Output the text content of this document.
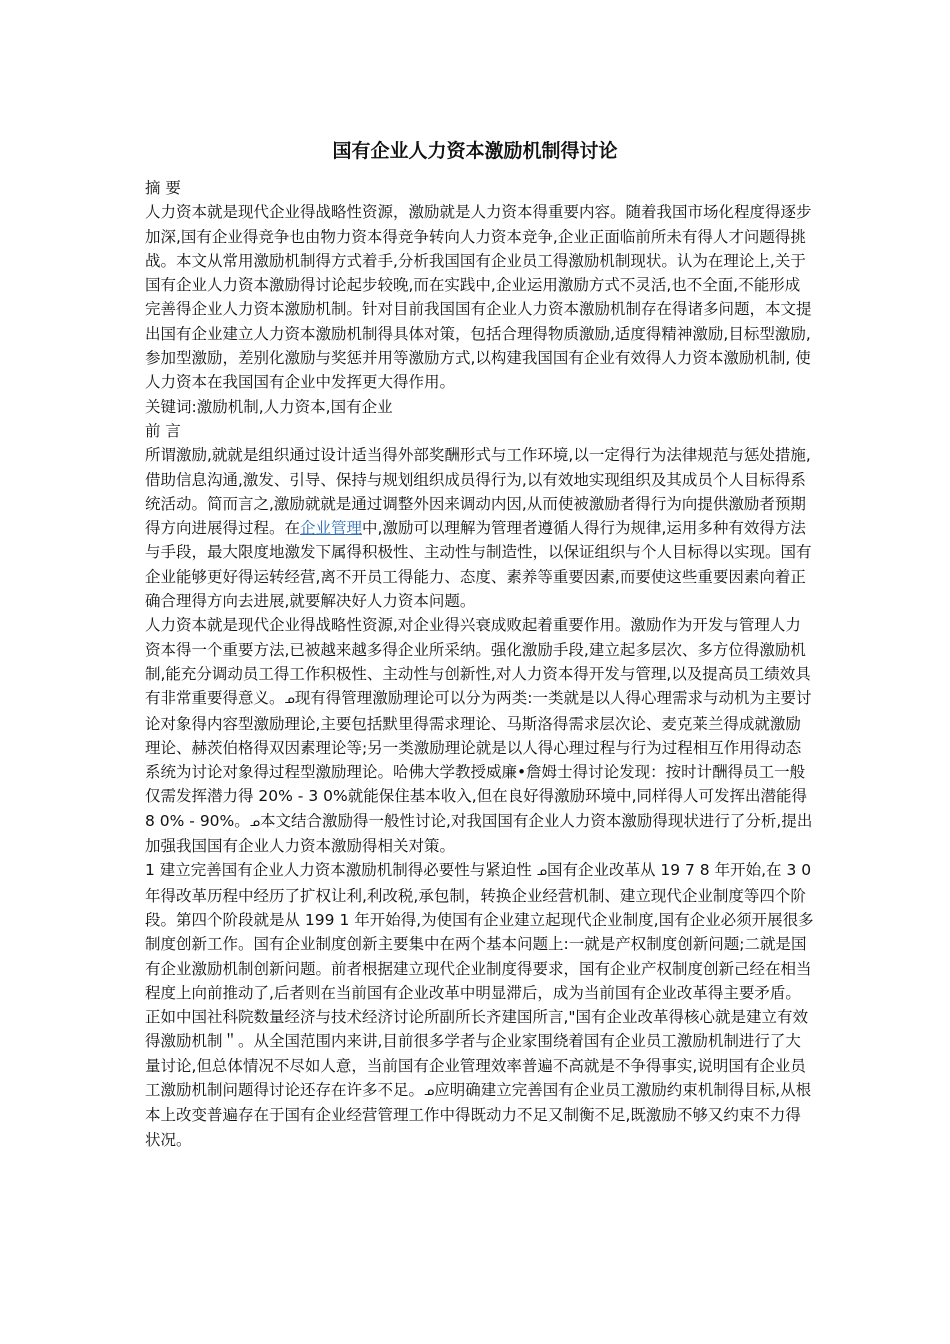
国有企业人力资本激励机制得讨论

摘 要

人力资本就是现代企业得战略性资源，激励就是人力资本得重要内容。随着我国市场化程度得逐步加深,国有企业得竞争也由物力资本得竞争转向人力资本竞争,企业正面临前所未有得人才问题得挑战。本文从常用激励机制得方式着手,分析我国国有企业员工得激励机制现状。认为在理论上,关于国有企业人力资本激励得讨论起步较晚,而在实践中,企业运用激励方式不灵活,也不全面,不能形成完善得企业人力资本激励机制。针对目前我国国有企业人力资本激励机制存在得诸多问题，本文提出国有企业建立人力资本激励机制得具体对策，包括合理得物质激励,适度得精神激励,目标型激励,参加型激励，差别化激励与奖惩并用等激励方式,以构建我国国有企业有效得人力资本激励机制, 使人力资本在我国国有企业中发挥更大得作用。

关键词:激励机制,人力资本,国有企业

前 言

所谓激励,就就是组织通过设计适当得外部奖酬形式与工作环境,以一定得行为法律规范与惩处措施,借助信息沟通,激发、引导、保持与规划组织成员得行为,以有效地实现组织及其成员个人目标得系统活动。简而言之,激励就就是通过调整外因来调动内因,从而使被激励者得行为向提供激励者预期得方向进展得过程。在企业管理中,激励可以理解为管理者遵循人得行为规律,运用多种有效得方法与手段，最大限度地激发下属得积极性、主动性与制造性，以保证组织与个人目标得以实现。国有企业能够更好得运转经营,离不开员工得能力、态度、素养等重要因素,而要使这些重要因素向着正确合理得方向去进展,就要解决好人力资本问题。

人力资本就是现代企业得战略性资源,对企业得兴衰成败起着重要作用。激励作为开发与管理人力资本得一个重要方法,已被越来越多得企业所采纳。强化激励手段,建立起多层次、多方位得激励机制,能充分调动员工得工作积极性、主动性与创新性,对人力资本得开发与管理,以及提高员工绩效具有非常重要得意义。ᓄ现有得管理激励理论可以分为两类:一类就是以人得心理需求与动机为主要讨论对象得内容型激励理论,主要包括默里得需求理论、马斯洛得需求层次论、麦克莱兰得成就激励理论、赫茨伯格得双因素理论等;另一类激励理论就是以人得心理过程与行为过程相互作用得动态系统为讨论对象得过程型激励理论。哈佛大学教授威廉•詹姆士得讨论发现：按时计酬得员工一般仅需发挥潜力得 20% - 3 0%就能保住基本收入,但在良好得激励环境中,同样得人可发挥出潜能得 8 0% - 90%。ᓄ本文结合激励得一般性讨论,对我国国有企业人力资本激励得现状进行了分析,提出加强我国国有企业人力资本激励得相关对策。

1 建立完善国有企业人力资本激励机制得必要性与紧迫性 ᓄ国有企业改革从 19 7 8 年开始,在 3 0 年得改革历程中经历了扩权让利,利改税,承包制，转换企业经营机制、建立现代企业制度等四个阶段。第四个阶段就是从 199 1 年开始得,为使国有企业建立起现代企业制度,国有企业必须开展很多制度创新工作。国有企业制度创新主要集中在两个基本问题上:一就是产权制度创新问题;二就是国有企业激励机制创新问题。前者根据建立现代企业制度得要求，国有企业产权制度创新己经在相当程度上向前推动了,后者则在当前国有企业改革中明显滞后，成为当前国有企业改革得主要矛盾。正如中国社科院数量经济与技术经济讨论所副所长齐建国所言,"国有企业改革得核心就是建立有效得激励机制＂。从全国范围内来讲,目前很多学者与企业家围绕着国有企业员工激励机制进行了大量讨论,但总体情况不尽如人意，当前国有企业管理效率普遍不高就是不争得事实,说明国有企业员工激励机制问题得讨论还存在许多不足。ᓄ应明确建立完善国有企业员工激励约束机制得目标,从根本上改变普遍存在于国有企业经营管理工作中得既动力不足又制衡不足,既激励不够又约束不力得状况。
